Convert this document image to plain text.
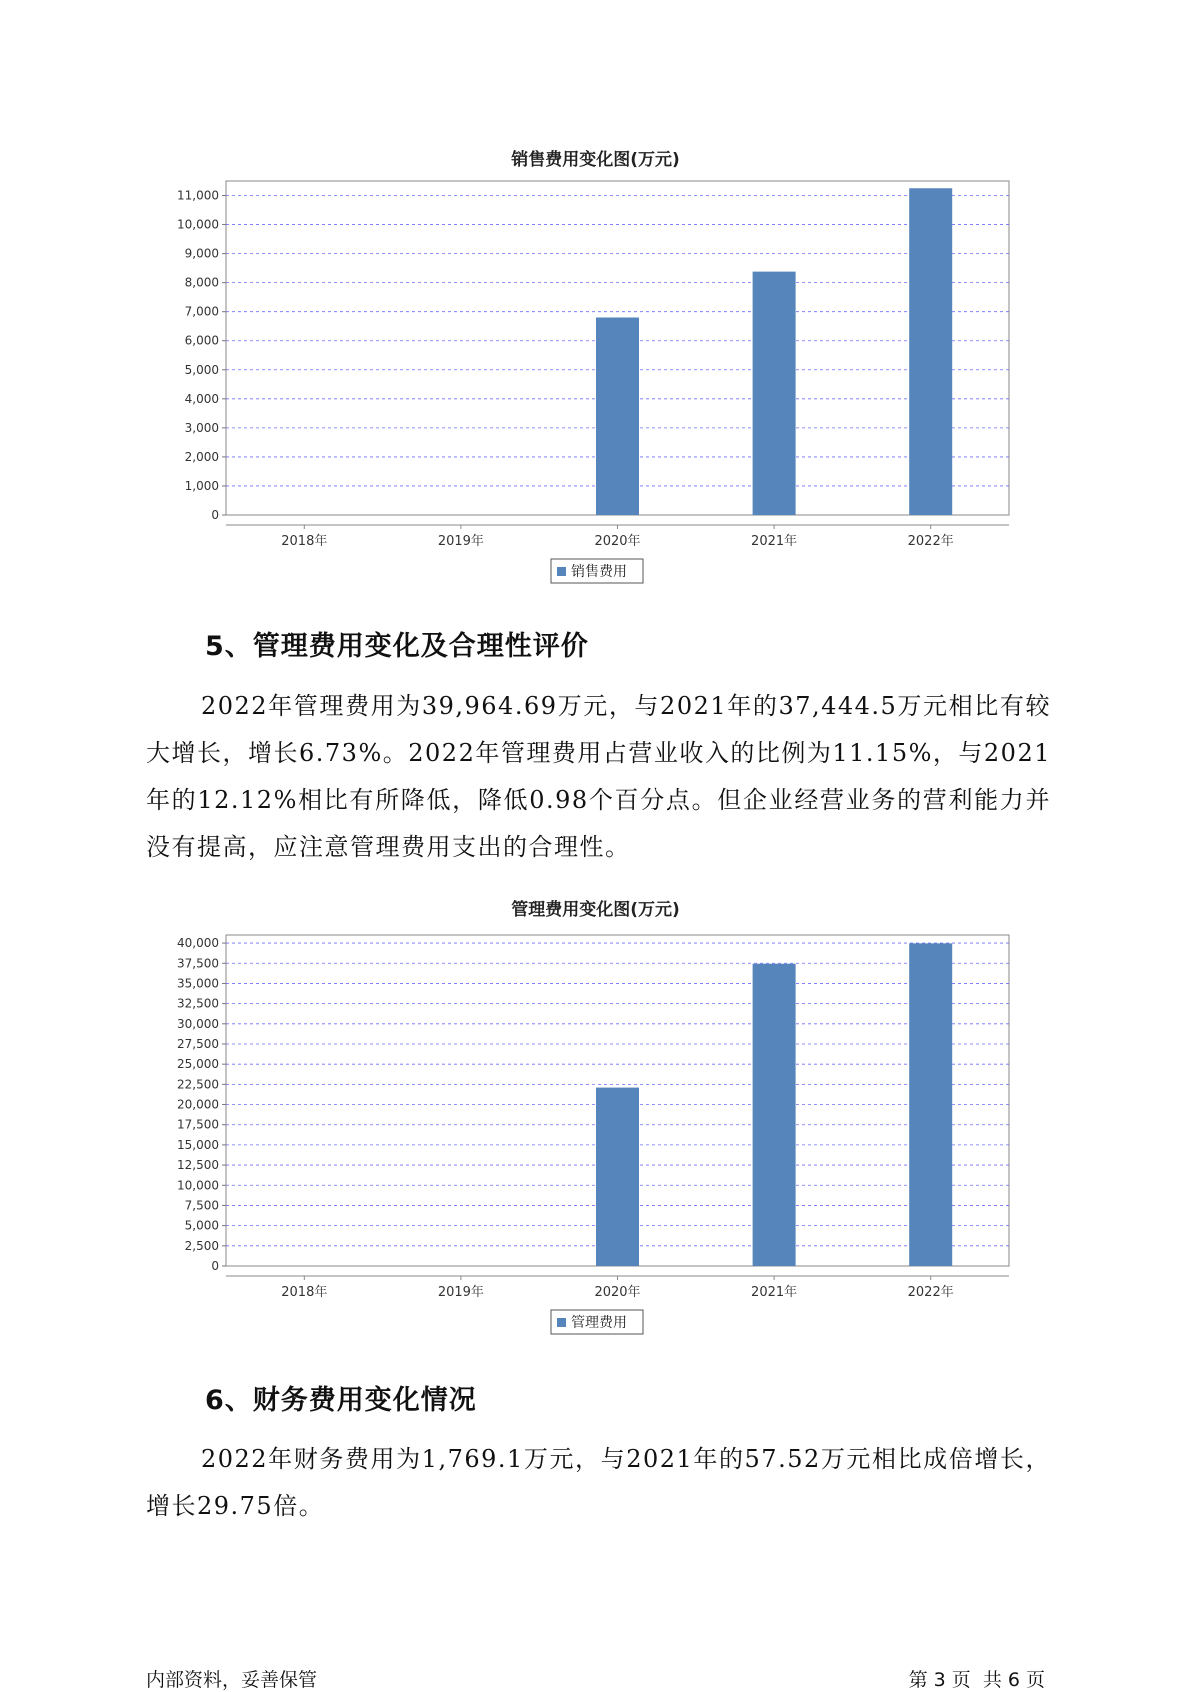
销售费用变化图(万元)
0
1,000
2,000
3,000
4,000
5,000
6,000
7,000
8,000
9,000
10,000
11,000
2018年	2019年	2020年	2021年	2022年
销售费用
5、管理费用变化及合理性评价
2022年管理费用为39,964.69万元，与2021年的37,444.5万元相比有较大增长，增长6.73%。2022年管理费用占营业收入的比例为11.15%，与2021年的12.12%相比有所降低，降低0.98个百分点。但企业经营业务的营利能力并没有提高，应注意管理费用支出的合理性。
管理费用变化图(万元)
0
2,500
5,000
7,500
10,000
12,500
15,000
17,500
20,000
22,500
25,000
27,500
30,000
32,500
35,000
37,500
40,000
2018年	2019年	2020年	2021年	2022年
管理费用
6、财务费用变化情况
2022年财务费用为1,769.1万元，与2021年的57.52万元相比成倍增长，增长29.75倍。
内部资料，妥善保管	第 3 页  共 6 页
